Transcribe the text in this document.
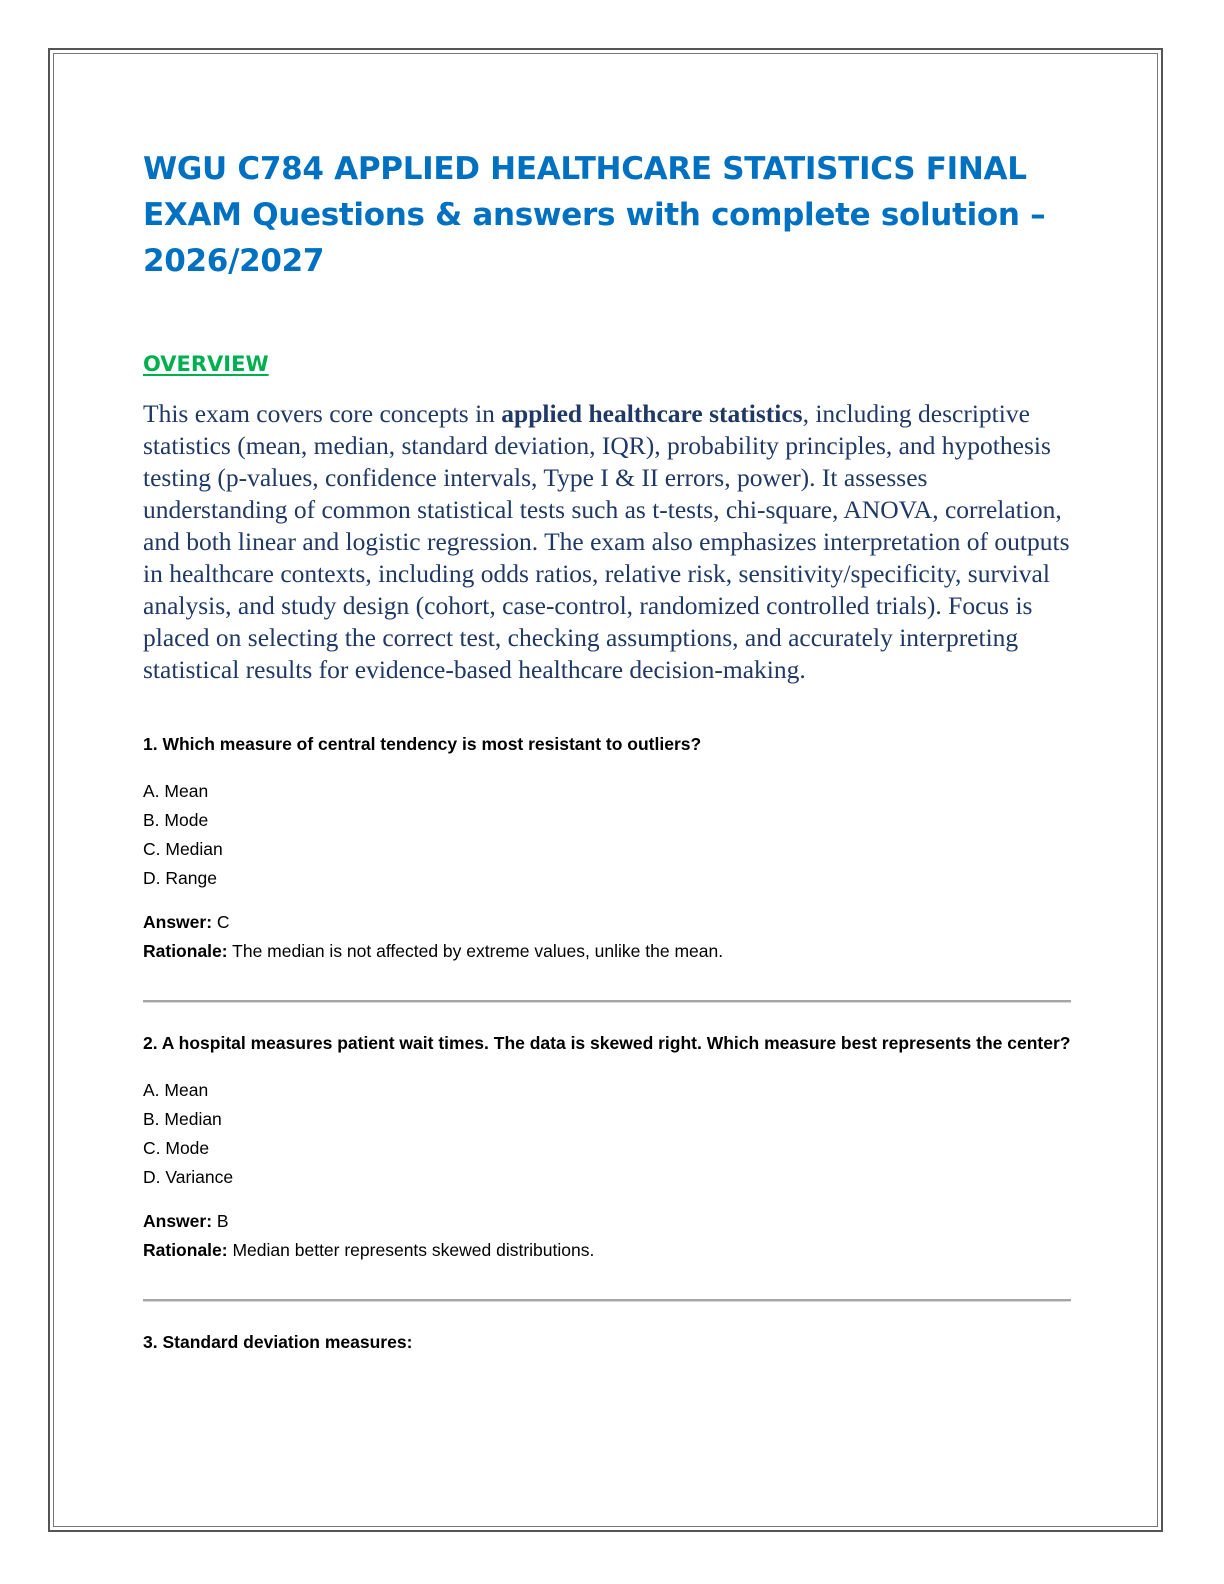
WGU C784 APPLIED HEALTHCARE STATISTICS FINAL EXAM Questions & answers with complete solution – 2026/2027
OVERVIEW

This exam covers core concepts in applied healthcare statistics, including descriptive statistics (mean, median, standard deviation, IQR), probability principles, and hypothesis testing (p-values, confidence intervals, Type I & II errors, power). It assesses understanding of common statistical tests such as t-tests, chi-square, ANOVA, correlation, and both linear and logistic regression. The exam also emphasizes interpretation of outputs in healthcare contexts, including odds ratios, relative risk, sensitivity/specificity, survival analysis, and study design (cohort, case-control, randomized controlled trials). Focus is placed on selecting the correct test, checking assumptions, and accurately interpreting statistical results for evidence-based healthcare decision-making.

1. Which measure of central tendency is most resistant to outliers?

A. Mean
B. Mode
C. Median
D. Range

Answer: C

Rationale: The median is not affected by extreme values, unlike the mean.

2. A hospital measures patient wait times. The data is skewed right. Which measure best represents the center?

A. Mean
B. Median
C. Mode
D. Variance

Answer: B

Rationale: Median better represents skewed distributions.

3. Standard deviation measures:
